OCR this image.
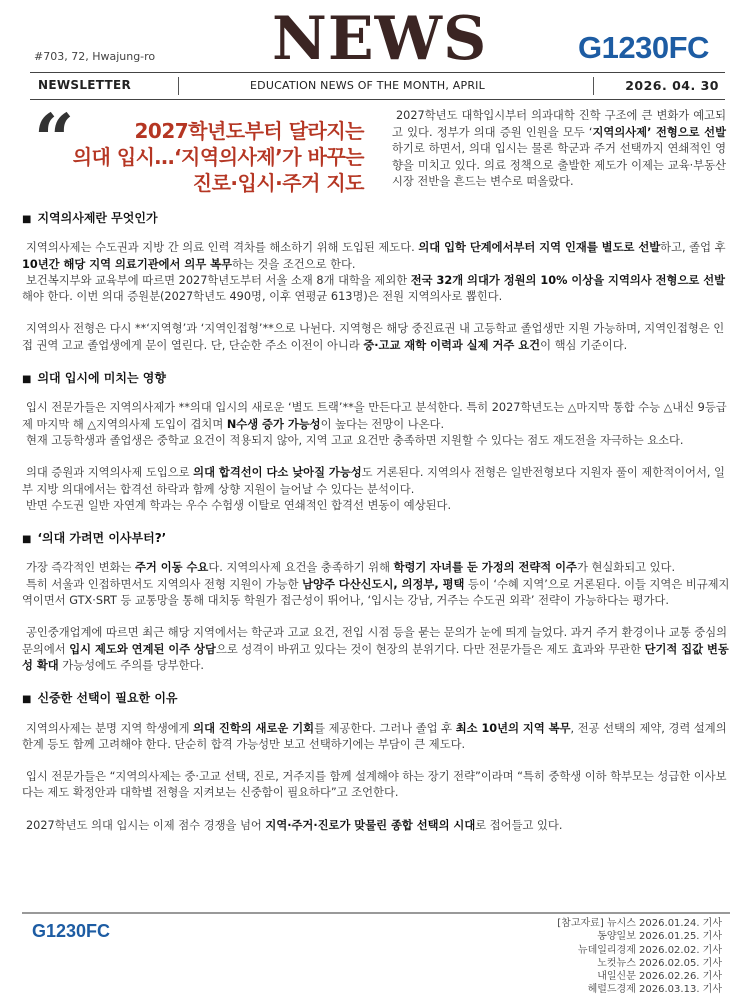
#703, 72, Hwajung-ro NEWS	G1230FC
NEWSLETTER	EDUCATION NEWS OF THE MONTH, APRIL	2026. 04. 30
“	2027학년도부터 달라지는
의대 입시…‘지역의사제’가 바꾸는
진로·입시·주거 지도
2027학년도 대학입시부터 의과대학 진학 구조에 큰 변화가 예고되고 있다. 정부가 의대 증원 인원을 모두 ‘지역의사제’ 전형으로 선발하기로 하면서, 의대 입시는 물론 학군과 주거 선택까지 연쇄적인 영향을 미치고 있다. 의료 정책으로 출발한 제도가 이제는 교육·부동산 시장 전반을 흔드는 변수로 떠올랐다.
■ 지역의사제란 무엇인가
지역의사제는 수도권과 지방 간 의료 인력 격차를 해소하기 위해 도입된 제도다. 의대 입학 단계에서부터 지역 인재를 별도로 선발하고, 졸업 후 10년간 해당 지역 의료기관에서 의무 복무하는 것을 조건으로 한다.
보건복지부와 교육부에 따르면 2027학년도부터 서울 소재 8개 대학을 제외한 전국 32개 의대가 정원의 10% 이상을 지역의사 전형으로 선발해야 한다. 이번 의대 증원분(2027학년도 490명, 이후 연평균 613명)은 전원 지역의사로 뽑힌다.
지역의사 전형은 다시 **‘지역형’과 ‘지역인접형’**으로 나뉜다. 지역형은 해당 중진료권 내 고등학교 졸업생만 지원 가능하며, 지역인접형은 인접 권역 고교 졸업생에게 문이 열린다. 단, 단순한 주소 이전이 아니라 중·고교 재학 이력과 실제 거주 요건이 핵심 기준이다.
■ 의대 입시에 미치는 영향
입시 전문가들은 지역의사제가 **의대 입시의 새로운 ‘별도 트랙’**을 만든다고 분석한다. 특히 2027학년도는 △마지막 통합 수능 △내신 9등급제 마지막 해 △지역의사제 도입이 겹치며 N수생 증가 가능성이 높다는 전망이 나온다.
현재 고등학생과 졸업생은 중학교 요건이 적용되지 않아, 지역 고교 요건만 충족하면 지원할 수 있다는 점도 재도전을 자극하는 요소다.
의대 증원과 지역의사제 도입으로 의대 합격선이 다소 낮아질 가능성도 거론된다. 지역의사 전형은 일반전형보다 지원자 풀이 제한적이어서, 일부 지방 의대에서는 합격선 하락과 함께 상향 지원이 늘어날 수 있다는 분석이다.
반면 수도권 일반 자연계 학과는 우수 수험생 이탈로 연쇄적인 합격선 변동이 예상된다.
■ ‘의대 가려면 이사부터?’
가장 즉각적인 변화는 주거 이동 수요다. 지역의사제 요건을 충족하기 위해 학령기 자녀를 둔 가정의 전략적 이주가 현실화되고 있다.
특히 서울과 인접하면서도 지역의사 전형 지원이 가능한 남양주 다산신도시, 의정부, 평택 등이 ‘수혜 지역’으로 거론된다. 이들 지역은 비규제지역이면서 GTX·SRT 등 교통망을 통해 대치동 학원가 접근성이 뛰어나, ‘입시는 강남, 거주는 수도권 외곽’ 전략이 가능하다는 평가다.
공인중개업계에 따르면 최근 해당 지역에서는 학군과 고교 요건, 전입 시점 등을 묻는 문의가 눈에 띄게 늘었다. 과거 주거 환경이나 교통 중심의 문의에서 입시 제도와 연계된 이주 상담으로 성격이 바뀌고 있다는 것이 현장의 분위기다. 다만 전문가들은 제도 효과와 무관한 단기적 집값 변동성 확대 가능성에도 주의를 당부한다.
■ 신중한 선택이 필요한 이유
지역의사제는 분명 지역 학생에게 의대 진학의 새로운 기회를 제공한다. 그러나 졸업 후 최소 10년의 지역 복무, 전공 선택의 제약, 경력 설계의 한계 등도 함께 고려해야 한다. 단순히 합격 가능성만 보고 선택하기에는 부담이 큰 제도다.
입시 전문가들은 “지역의사제는 중·고교 선택, 진로, 거주지를 함께 설계해야 하는 장기 전략”이라며 “특히 중학생 이하 학부모는 성급한 이사보다는 제도 확정안과 대학별 전형을 지켜보는 신중함이 필요하다”고 조언한다.
2027학년도 의대 입시는 이제 점수 경쟁을 넘어 지역·주거·진로가 맞물린 종합 선택의 시대로 접어들고 있다.
G1230FC	[참고자료] 뉴시스 2026.01.24. 기사
동양일보 2026.01.25. 기사
뉴데일리경제 2026.02.02. 기사
노컷뉴스 2026.02.05. 기사
내일신문 2026.02.26. 기사
헤럴드경제 2026.03.13. 기사
